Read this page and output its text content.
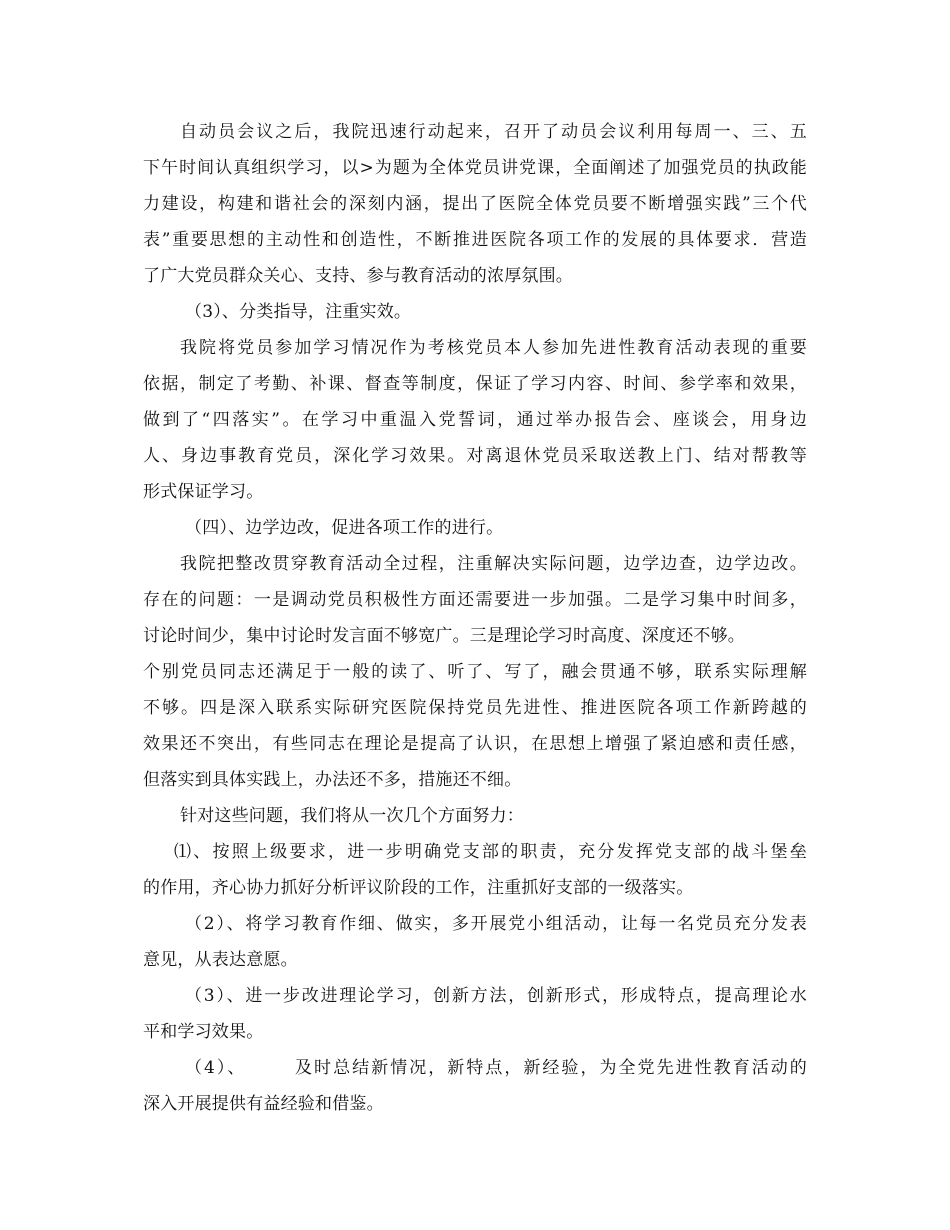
自动员会议之后，我院迅速行动起来，召开了动员会议利用每周一、三、五
下午时间认真组织学习，以>为题为全体党员讲党课，全面阐述了加强党员的执政能
力建设，构建和谐社会的深刻内涵，提出了医院全体党员要不断增强实践”三个代
表”重要思想的主动性和创造性，不断推进医院各项工作的发展的具体要求．营造
了广大党员群众关心、支持、参与教育活动的浓厚氛围。
（3）、分类指导，注重实效。
我院将党员参加学习情况作为考核党员本人参加先进性教育活动表现的重要
依据，制定了考勤、补课、督查等制度，保证了学习内容、时间、参学率和效果，
做到了“四落实”。在学习中重温入党誓词，通过举办报告会、座谈会，用身边
人、身边事教育党员，深化学习效果。对离退休党员采取送教上门、结对帮教等
形式保证学习。
（四）、边学边改，促进各项工作的进行。
我院把整改贯穿教育活动全过程，注重解决实际问题，边学边查，边学边改。
存在的问题：一是调动党员积极性方面还需要进一步加强。二是学习集中时间多，
讨论时间少，集中讨论时发言面不够宽广。三是理论学习时高度、深度还不够。
个别党员同志还满足于一般的读了、听了、写了，融会贯通不够，联系实际理解
不够。四是深入联系实际研究医院保持党员先进性、推进医院各项工作新跨越的
效果还不突出，有些同志在理论是提高了认识，在思想上增强了紧迫感和责任感，
但落实到具体实践上，办法还不多，措施还不细。
针对这些问题，我们将从一次几个方面努力：
⑴、按照上级要求，进一步明确党支部的职责，充分发挥党支部的战斗堡垒
的作用，齐心协力抓好分析评议阶段的工作，注重抓好支部的一级落实。
（2）、将学习教育作细、做实，多开展党小组活动，让每一名党员充分发表
意见，从表达意愿。
（3）、进一步改进理论学习，创新方法，创新形式，形成特点，提高理论水
平和学习效果。
（4）、　　　及时总结新情况，新特点，新经验，为全党先进性教育活动的
深入开展提供有益经验和借鉴。
